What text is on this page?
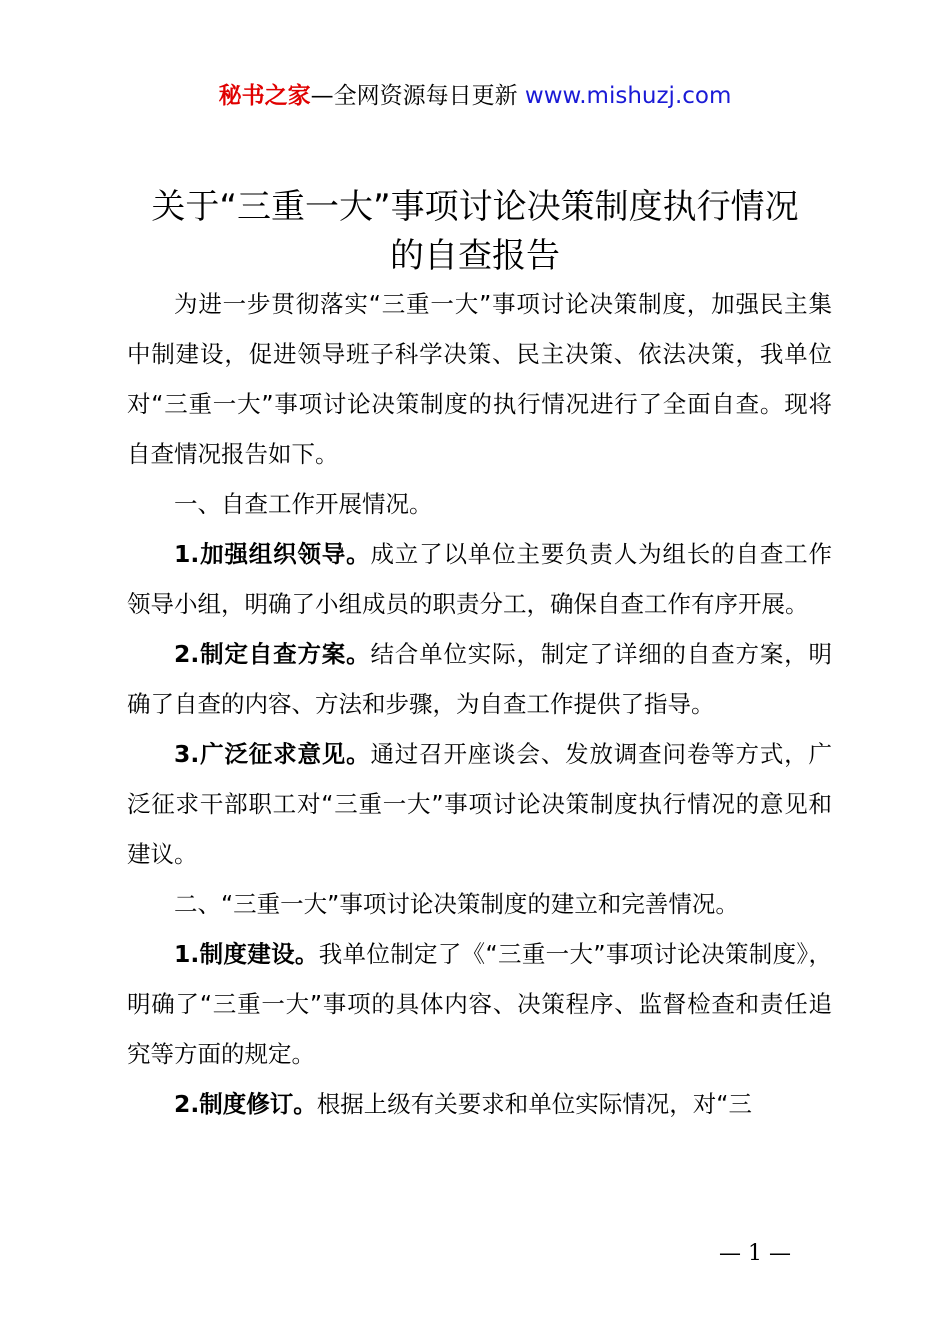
秘书之家—全网资源每日更新 www.mishuzj.com
关于“三重一大”事项讨论决策制度执行情况
的自查报告

为进一步贯彻落实“三重一大”事项讨论决策制度，加强民主集中制建设，促进领导班子科学决策、民主决策、依法决策，我单位对“三重一大”事项讨论决策制度的执行情况进行了全面自查。现将自查情况报告如下。

一、自查工作开展情况。

1.加强组织领导。成立了以单位主要负责人为组长的自查工作领导小组，明确了小组成员的职责分工，确保自查工作有序开展。

2.制定自查方案。结合单位实际，制定了详细的自查方案，明确了自查的内容、方法和步骤，为自查工作提供了指导。

3.广泛征求意见。通过召开座谈会、发放调查问卷等方式，广泛征求干部职工对“三重一大”事项讨论决策制度执行情况的意见和建议。

二、“三重一大”事项讨论决策制度的建立和完善情况。

1.制度建设。我单位制定了《“三重一大”事项讨论决策制度》，明确了“三重一大”事项的具体内容、决策程序、监督检查和责任追究等方面的规定。

2.制度修订。根据上级有关要求和单位实际情况，对“三

— 1 —
